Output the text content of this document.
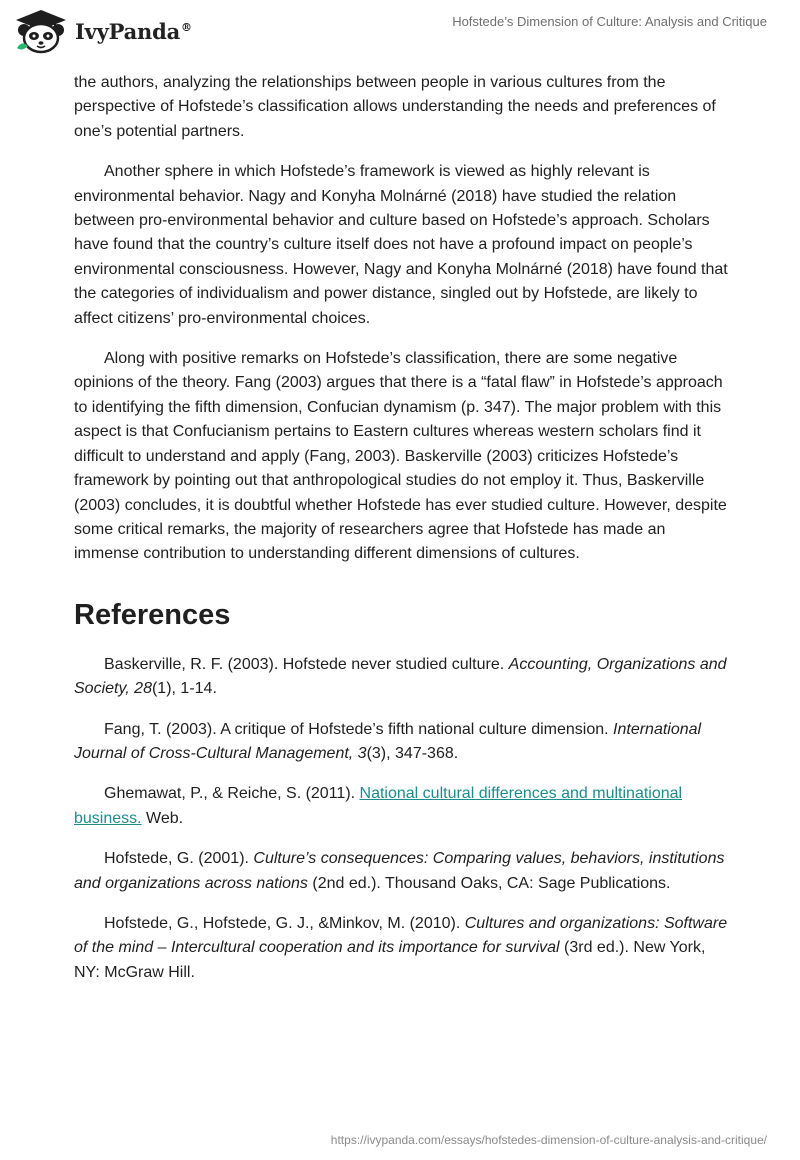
IvyPanda®	Hofstede’s Dimension of Culture: Analysis and Critique

the authors, analyzing the relationships between people in various cultures from the perspective of Hofstede’s classification allows understanding the needs and preferences of one’s potential partners.

Another sphere in which Hofstede’s framework is viewed as highly relevant is environmental behavior. Nagy and Konyha Molnárné (2018) have studied the relation between pro-environmental behavior and culture based on Hofstede’s approach. Scholars have found that the country’s culture itself does not have a profound impact on people’s environmental consciousness. However, Nagy and Konyha Molnárné (2018) have found that the categories of individualism and power distance, singled out by Hofstede, are likely to affect citizens’ pro-environmental choices.

Along with positive remarks on Hofstede’s classification, there are some negative opinions of the theory. Fang (2003) argues that there is a “fatal flaw” in Hofstede’s approach to identifying the fifth dimension, Confucian dynamism (p. 347). The major problem with this aspect is that Confucianism pertains to Eastern cultures whereas western scholars find it difficult to understand and apply (Fang, 2003). Baskerville (2003) criticizes Hofstede’s framework by pointing out that anthropological studies do not employ it. Thus, Baskerville (2003) concludes, it is doubtful whether Hofstede has ever studied culture. However, despite some critical remarks, the majority of researchers agree that Hofstede has made an immense contribution to understanding different dimensions of cultures.

References

Baskerville, R. F. (2003). Hofstede never studied culture. Accounting, Organizations and Society, 28(1), 1-14.

Fang, T. (2003). A critique of Hofstede’s fifth national culture dimension. International Journal of Cross-Cultural Management, 3(3), 347-368.

Ghemawat, P., & Reiche, S. (2011). National cultural differences and multinational business. Web.

Hofstede, G. (2001). Culture’s consequences: Comparing values, behaviors, institutions and organizations across nations (2nd ed.). Thousand Oaks, CA: Sage Publications.

Hofstede, G., Hofstede, G. J., &Minkov, M. (2010). Cultures and organizations: Software of the mind – Intercultural cooperation and its importance for survival (3rd ed.). New York, NY: McGraw Hill.

https://ivypanda.com/essays/hofstedes-dimension-of-culture-analysis-and-critique/
